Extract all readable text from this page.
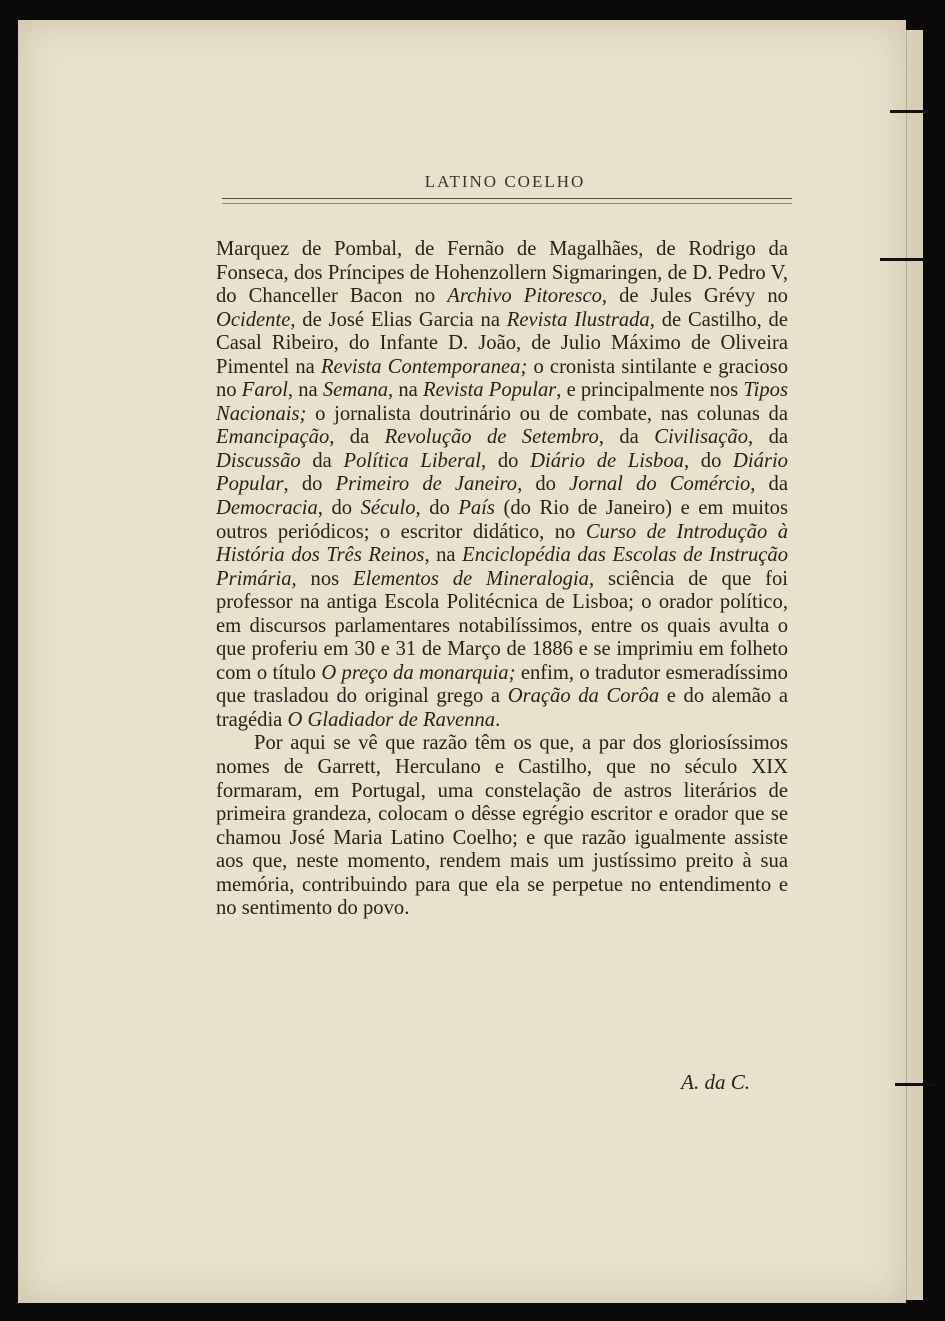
LATINO COELHO

Marquez de Pombal, de Fernão de Magalhães, de Rodrigo da Fonseca, dos Príncipes de Hohenzollern Sigmaringen, de D. Pedro V, do Chanceller Bacon no Archivo Pitoresco, de Jules Grévy no Ocidente, de José Elias Garcia na Revista Ilustrada, de Castilho, de Casal Ribeiro, do Infante D. João, de Julio Máximo de Oliveira Pimentel na Revista Contemporanea; o cronista sintilante e gracioso no Farol, na Semana, na Revista Popular, e principalmente nos Tipos Nacionais; o jornalista doutrinário ou de combate, nas colunas da Emancipação, da Revolução de Setembro, da Civilisação, da Discussão da Política Liberal, do Diário de Lisboa, do Diário Popular, do Primeiro de Janeiro, do Jornal do Comércio, da Democracia, do Século, do País (do Rio de Janeiro) e em muitos outros periódicos; o escritor didático, no Curso de Introdução à História dos Três Reinos, na Enciclopédia das Escolas de Instrução Primária, nos Elementos de Mineralogia, sciência de que foi professor na antiga Escola Politécnica de Lisboa; o orador político, em discursos parlamentares notabilíssimos, entre os quais avulta o que proferiu em 30 e 31 de Março de 1886 e se imprimiu em folheto com o título O preço da monarquia; enfim, o tradutor esmeradíssimo que trasladou do original grego a Oração da Corôa e do alemão a tragédia O Gladiador de Ravenna.

Por aqui se vê que razão têm os que, a par dos gloriosíssimos nomes de Garrett, Herculano e Castilho, que no século XIX formaram, em Portugal, uma constelação de astros literários de primeira grandeza, colocam o dêsse egrégio escritor e orador que se chamou José Maria Latino Coelho; e que razão igualmente assiste aos que, neste momento, rendem mais um justíssimo preito à sua memória, contribuindo para que ela se perpetue no entendimento e no sentimento do povo.

A. da C.
